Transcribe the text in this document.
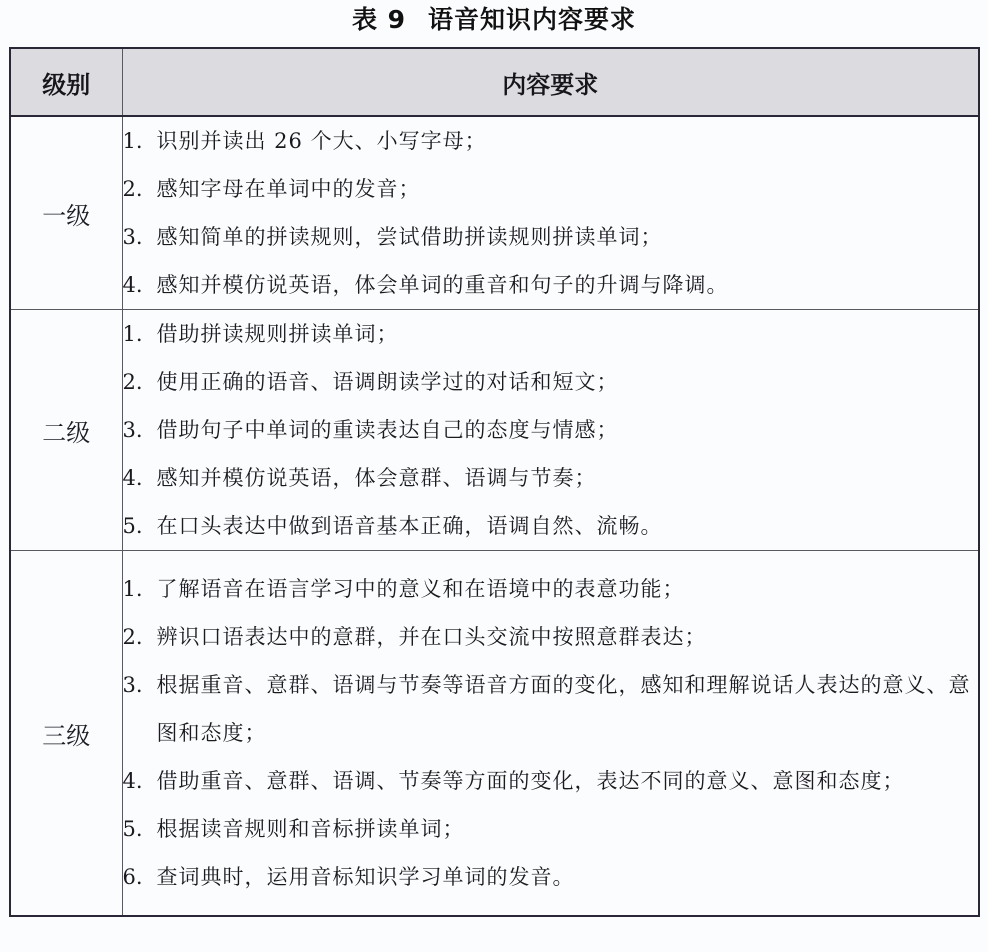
表 9 语音知识内容要求
级别	内容要求
一级	
1. 识别并读出 26 个大、小写字母；
2. 感知字母在单词中的发音；
3. 感知简单的拼读规则，尝试借助拼读规则拼读单词；
4. 感知并模仿说英语，体会单词的重音和句子的升调与降调。

二级	
1. 借助拼读规则拼读单词；
2. 使用正确的语音、语调朗读学过的对话和短文；
3. 借助句子中单词的重读表达自己的态度与情感；
4. 感知并模仿说英语，体会意群、语调与节奏；
5. 在口头表达中做到语音基本正确，语调自然、流畅。

三级	
1. 了解语音在语言学习中的意义和在语境中的表意功能；
2. 辨识口语表达中的意群，并在口头交流中按照意群表达；
3. 根据重音、意群、语调与节奏等语音方面的变化，感知和理解说话人表达的意义、意图和态度；
4. 借助重音、意群、语调、节奏等方面的变化，表达不同的意义、意图和态度；
5. 根据读音规则和音标拼读单词；
6. 查词典时，运用音标知识学习单词的发音。
